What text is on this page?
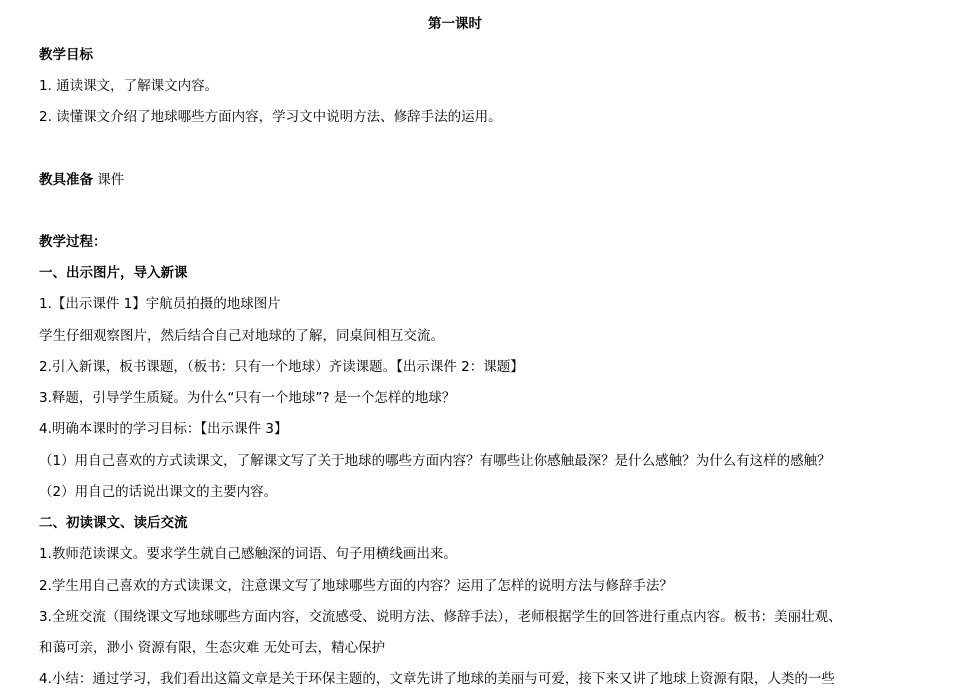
第一课时
教学目标
1. 通读课文，了解课文内容。
2. 读懂课文介绍了地球哪些方面内容，学习文中说明方法、修辞手法的运用。
教具准备 课件
教学过程：
一、出示图片，导入新课
1.【出示课件 1】宇航员拍摄的地球图片
学生仔细观察图片，然后结合自己对地球的了解，同桌间相互交流。
2.引入新课，板书课题，（板书：只有一个地球）齐读课题。【出示课件 2：课题】
3.释题，引导学生质疑。为什么“只有一个地球”? 是一个怎样的地球？
4.明确本课时的学习目标：【出示课件 3】
（1）用自己喜欢的方式读课文，了解课文写了关于地球的哪些方面内容？有哪些让你感触最深？是什么感触？为什么有这样的感触？
（2）用自己的话说出课文的主要内容。
二、初读课文、读后交流
1.教师范读课文。要求学生就自己感触深的词语、句子用横线画出来。
2.学生用自己喜欢的方式读课文，注意课文写了地球哪些方面的内容？运用了怎样的说明方法与修辞手法？
3.全班交流（围绕课文写地球哪些方面内容，交流感受、说明方法、修辞手法），老师根据学生的回答进行重点内容。板书：美丽壮观、
和蔼可亲，渺小 资源有限，生态灾难 无处可去，精心保护
4.小结：通过学习，我们看出这篇文章是关于环保主题的，文章先讲了地球的美丽与可爱，接下来又讲了地球上资源有限，人类的一些
